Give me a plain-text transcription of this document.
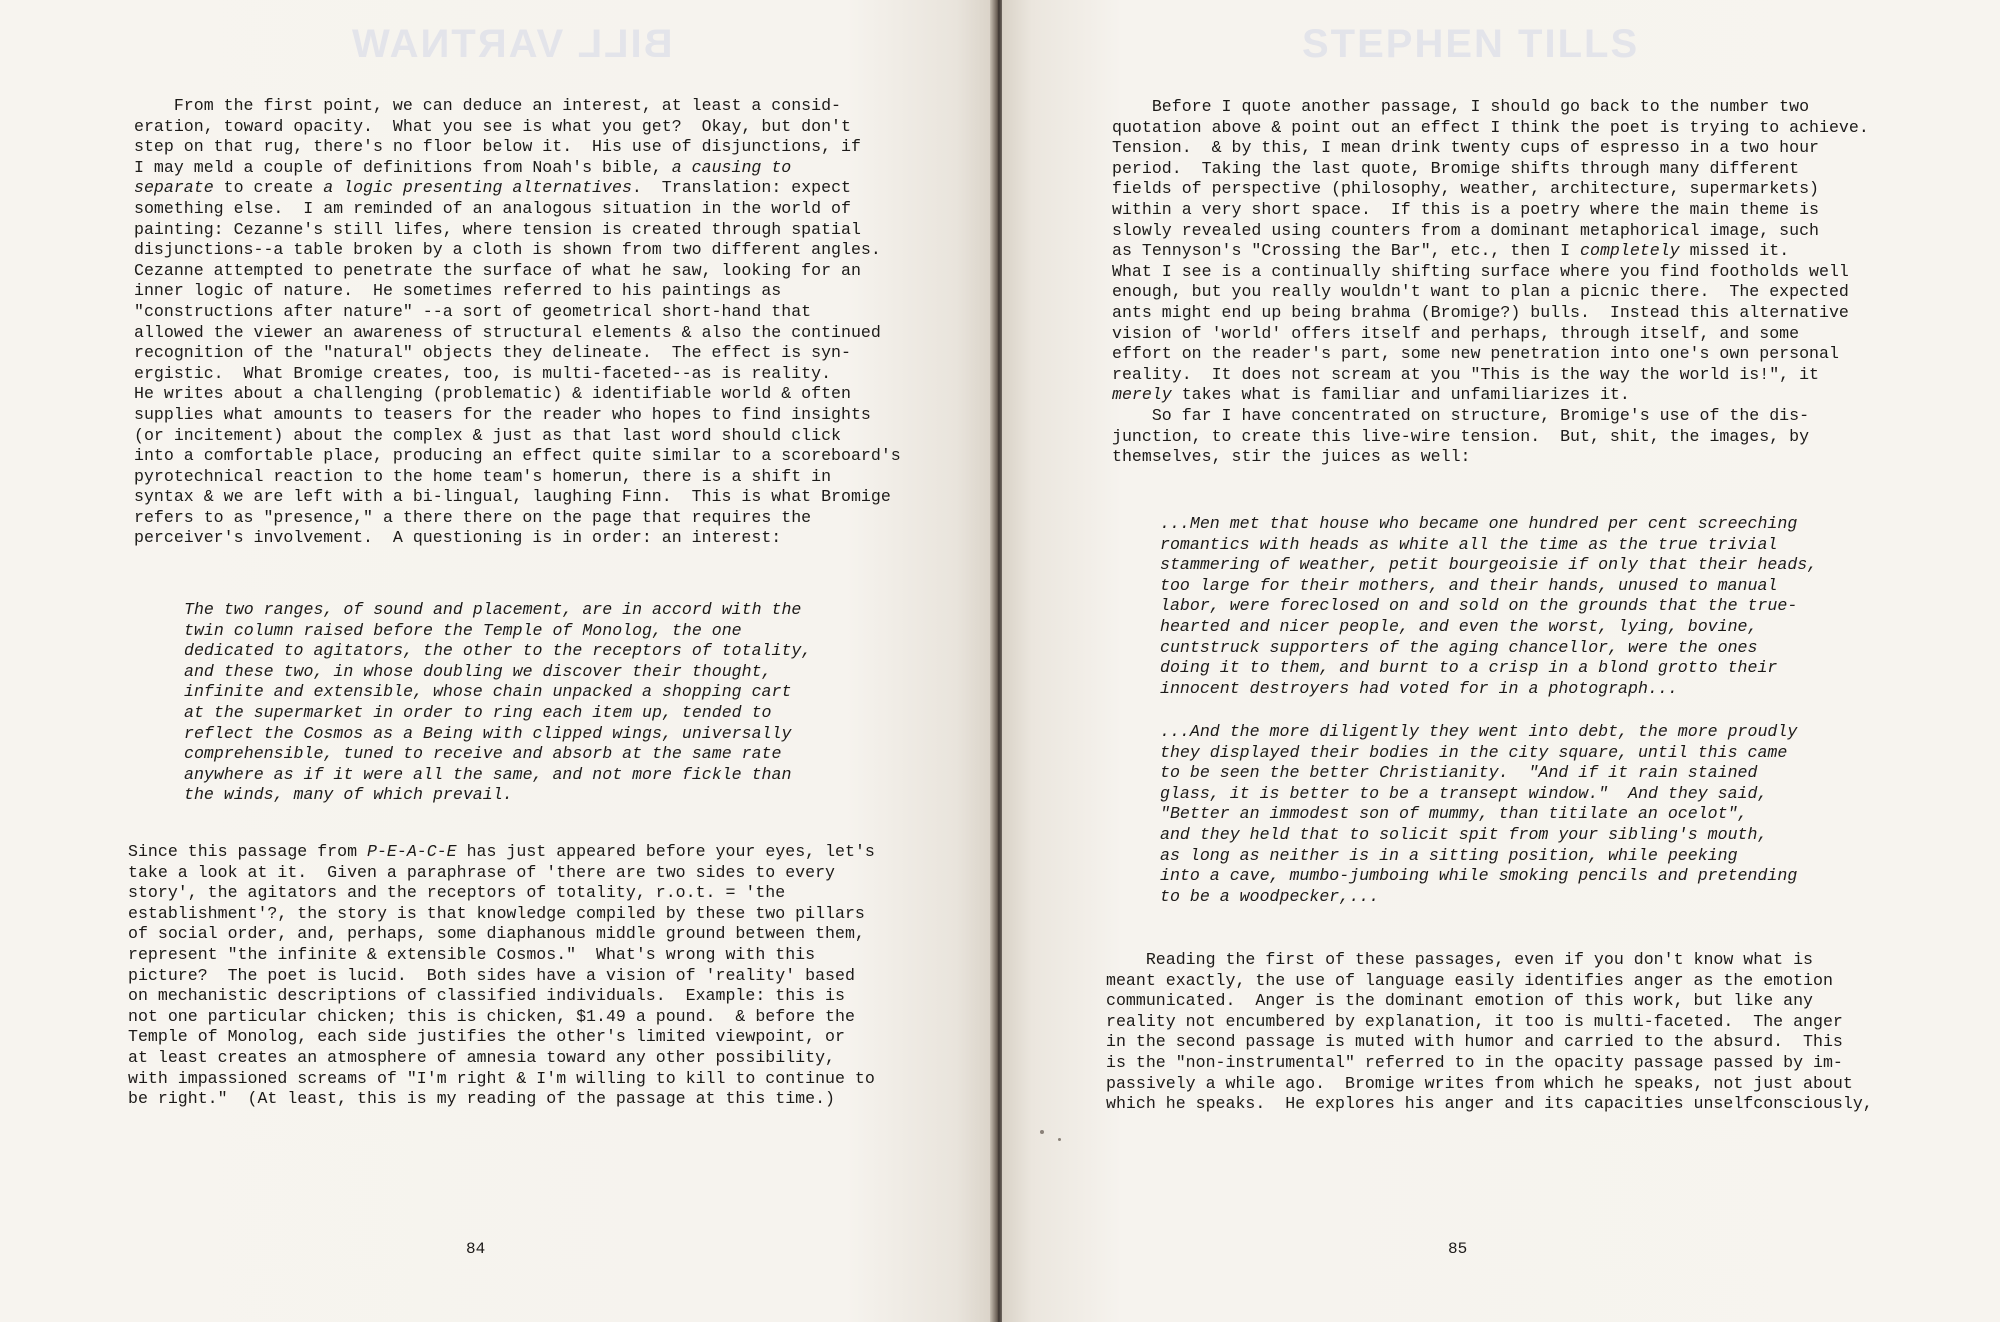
BILL VARTNAW

From the first point, we can deduce an interest, at least a consid-

eration, toward opacity.  What you see is what you get?  Okay, but don't

step on that rug, there's no floor below it.  His use of disjunctions, if

I may meld a couple of definitions from Noah's bible, a causing to

separate to create a logic presenting alternatives.  Translation: expect

something else.  I am reminded of an analogous situation in the world of

painting: Cezanne's still lifes, where tension is created through spatial

disjunctions--a table broken by a cloth is shown from two different angles.

Cezanne attempted to penetrate the surface of what he saw, looking for an

inner logic of nature.  He sometimes referred to his paintings as

"constructions after nature" --a sort of geometrical short-hand that

allowed the viewer an awareness of structural elements & also the continued

recognition of the "natural" objects they delineate.  The effect is syn-

ergistic.  What Bromige creates, too, is multi-faceted--as is reality.

He writes about a challenging (problematic) & identifiable world & often

supplies what amounts to teasers for the reader who hopes to find insights

(or incitement) about the complex & just as that last word should click

into a comfortable place, producing an effect quite similar to a scoreboard's

pyrotechnical reaction to the home team's homerun, there is a shift in

syntax & we are left with a bi-lingual, laughing Finn.  This is what Bromige

refers to as "presence," a there there on the page that requires the

perceiver's involvement.  A questioning is in order: an interest:

The two ranges, of sound and placement, are in accord with the

twin column raised before the Temple of Monolog, the one

dedicated to agitators, the other to the receptors of totality,

and these two, in whose doubling we discover their thought,

infinite and extensible, whose chain unpacked a shopping cart

at the supermarket in order to ring each item up, tended to

reflect the Cosmos as a Being with clipped wings, universally

comprehensible, tuned to receive and absorb at the same rate

anywhere as if it were all the same, and not more fickle than

the winds, many of which prevail.

Since this passage from P-E-A-C-E has just appeared before your eyes, let's

take a look at it.  Given a paraphrase of 'there are two sides to every

story', the agitators and the receptors of totality, r.o.t. = 'the

establishment'?, the story is that knowledge compiled by these two pillars

of social order, and, perhaps, some diaphanous middle ground between them,

represent "the infinite & extensible Cosmos."  What's wrong with this

picture?  The poet is lucid.  Both sides have a vision of 'reality' based

on mechanistic descriptions of classified individuals.  Example: this is

not one particular chicken; this is chicken, $1.49 a pound.  & before the

Temple of Monolog, each side justifies the other's limited viewpoint, or

at least creates an atmosphere of amnesia toward any other possibility,

with impassioned screams of "I'm right & I'm willing to kill to continue to

be right."  (At least, this is my reading of the passage at this time.)

84
STEPHEN TILLS

Before I quote another passage, I should go back to the number two

quotation above & point out an effect I think the poet is trying to achieve.

Tension.  & by this, I mean drink twenty cups of espresso in a two hour

period.  Taking the last quote, Bromige shifts through many different

fields of perspective (philosophy, weather, architecture, supermarkets)

within a very short space.  If this is a poetry where the main theme is

slowly revealed using counters from a dominant metaphorical image, such

as Tennyson's "Crossing the Bar", etc., then I completely missed it.

What I see is a continually shifting surface where you find footholds well

enough, but you really wouldn't want to plan a picnic there.  The expected

ants might end up being brahma (Bromige?) bulls.  Instead this alternative

vision of 'world' offers itself and perhaps, through itself, and some

effort on the reader's part, some new penetration into one's own personal

reality.  It does not scream at you "This is the way the world is!", it

merely takes what is familiar and unfamiliarizes it.

So far I have concentrated on structure, Bromige's use of the dis-

junction, to create this live-wire tension.  But, shit, the images, by

themselves, stir the juices as well:

...Men met that house who became one hundred per cent screeching

romantics with heads as white all the time as the true trivial

stammering of weather, petit bourgeoisie if only that their heads,

too large for their mothers, and their hands, unused to manual

labor, were foreclosed on and sold on the grounds that the true-

hearted and nicer people, and even the worst, lying, bovine,

cuntstruck supporters of the aging chancellor, were the ones

doing it to them, and burnt to a crisp in a blond grotto their

innocent destroyers had voted for in a photograph...

...And the more diligently they went into debt, the more proudly

they displayed their bodies in the city square, until this came

to be seen the better Christianity.  "And if it rain stained

glass, it is better to be a transept window."  And they said,

"Better an immodest son of mummy, than titilate an ocelot",

and they held that to solicit spit from your sibling's mouth,

as long as neither is in a sitting position, while peeking

into a cave, mumbo-jumboing while smoking pencils and pretending

to be a woodpecker,...

Reading the first of these passages, even if you don't know what is

meant exactly, the use of language easily identifies anger as the emotion

communicated.  Anger is the dominant emotion of this work, but like any

reality not encumbered by explanation, it too is multi-faceted.  The anger

in the second passage is muted with humor and carried to the absurd.  This

is the "non-instrumental" referred to in the opacity passage passed by im-

passively a while ago.  Bromige writes from which he speaks, not just about

which he speaks.  He explores his anger and its capacities unselfconsciously,

85
